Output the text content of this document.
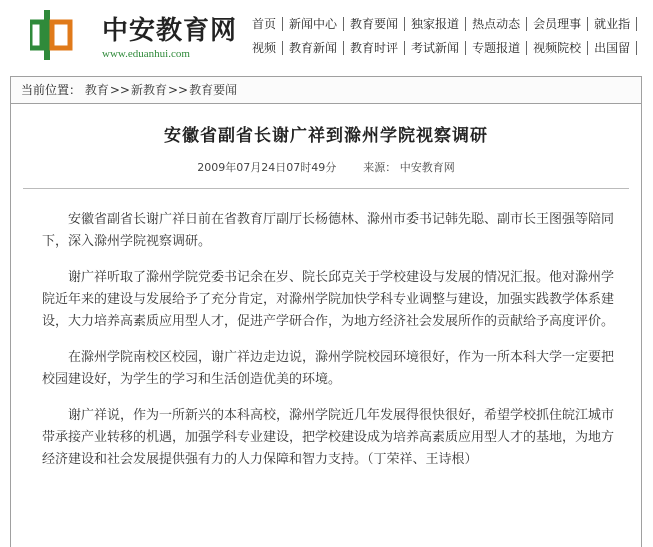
中安教育网
www.eduanhui.com
首页 新闻中心 教育要闻 独家报道 热点动态 会员理事 就业指
视频 教育新闻 教育时评 考试新闻 专题报道 视频院校 出国留
当前位置： 教育>>新教育>>教育要闻
安徽省副省长谢广祥到滁州学院视察调研
2009年07月24日07时49分 来源： 中安教育网

安徽省副省长谢广祥日前在省教育厅副厅长杨德林、滁州市委书记韩先聪、副市长王图强等陪同下，深入滁州学院视察调研。

谢广祥听取了滁州学院党委书记余在岁、院长邱克关于学校建设与发展的情况汇报。他对滁州学院近年来的建设与发展给予了充分肯定，对滁州学院加快学科专业调整与建设，加强实践教学体系建设，大力培养高素质应用型人才，促进产学研合作，为地方经济社会发展所作的贡献给予高度评价。

在滁州学院南校区校园，谢广祥边走边说，滁州学院校园环境很好，作为一所本科大学一定要把校园建设好，为学生的学习和生活创造优美的环境。

谢广祥说，作为一所新兴的本科高校，滁州学院近几年发展得很快很好，希望学校抓住皖江城市带承接产业转移的机遇，加强学科专业建设，把学校建设成为培养高素质应用型人才的基地，为地方经济建设和社会发展提供强有力的人力保障和智力支持。（丁荣祥、王诗根）
